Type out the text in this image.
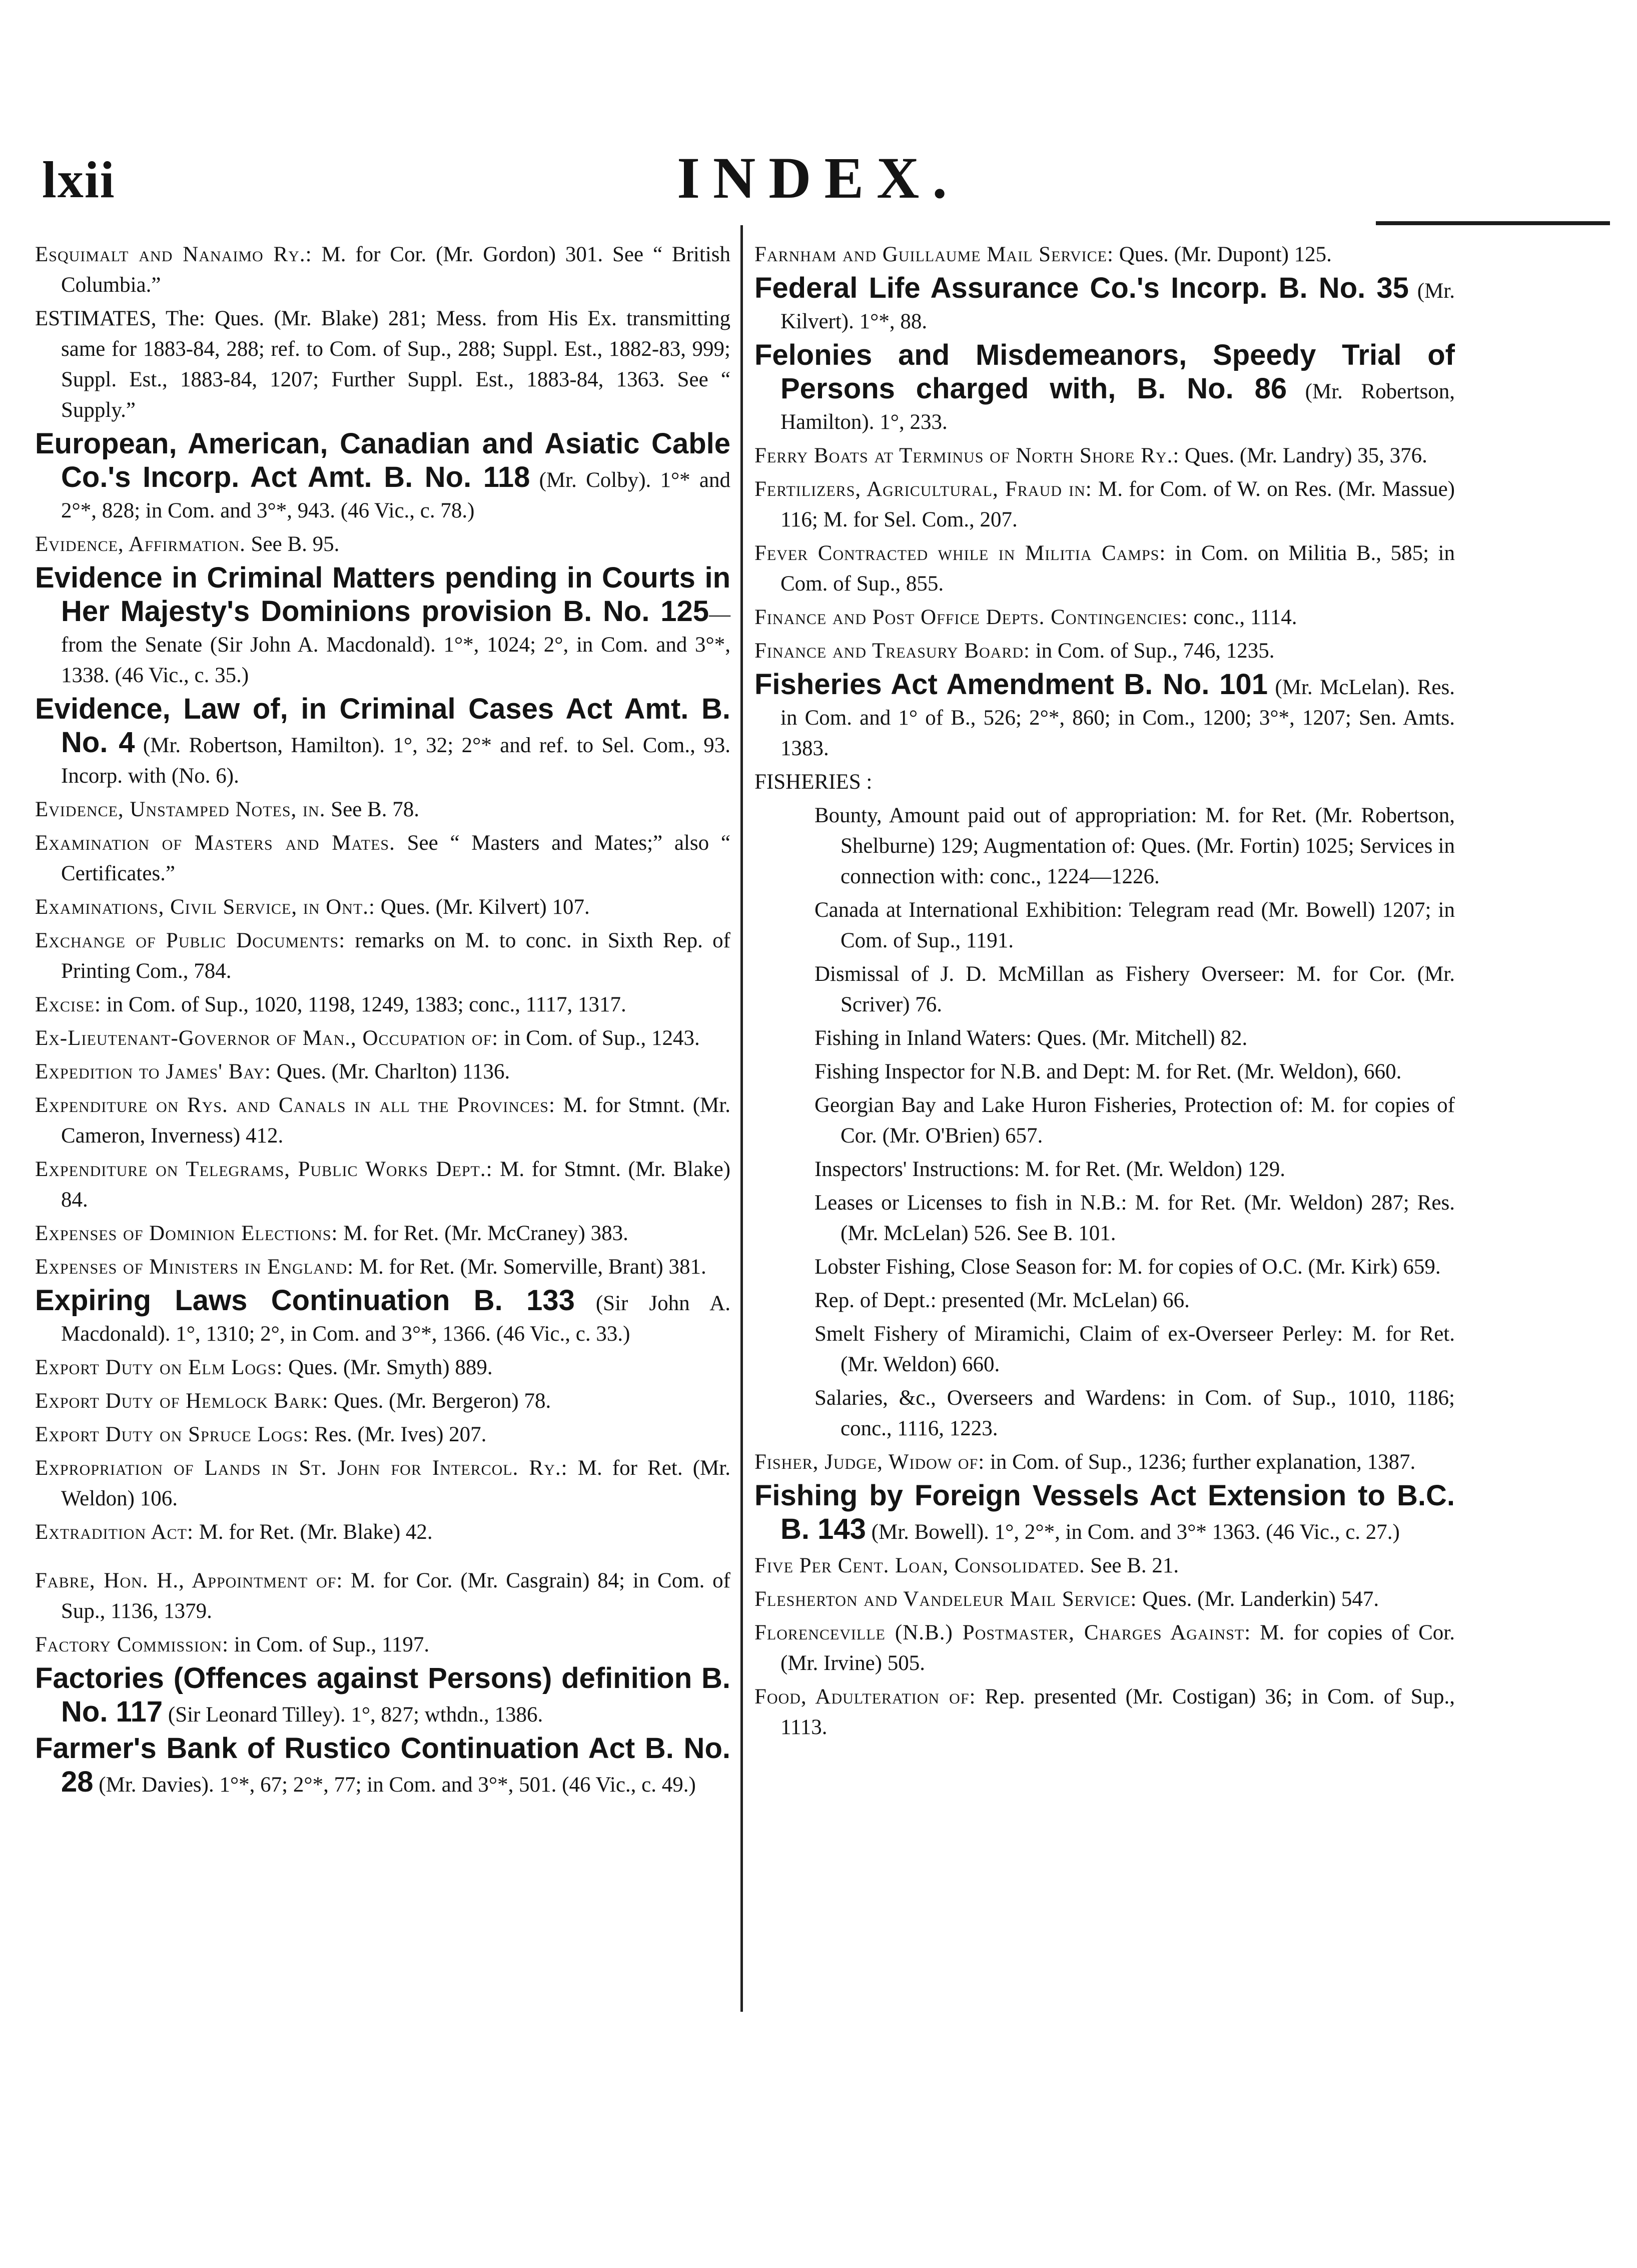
lxii	INDEX.
Esquimalt and Nanaimo Ry.: M. for Cor. (Mr. Gordon) 301. See “ British Columbia.”
ESTIMATES, The: Ques. (Mr. Blake) 281; Mess. from His Ex. transmitting same for 1883-84, 288; ref. to Com. of Sup., 288; Suppl. Est., 1882-83, 999; Suppl. Est., 1883-84, 1207; Further Suppl. Est., 1883-84, 1363. See “ Supply.”
European, American, Canadian and Asiatic Cable Co.'s Incorp. Act Amt. B. No. 118 (Mr. Colby). 1°* and 2°*, 828; in Com. and 3°*, 943. (46 Vic., c. 78.)
Evidence, Affirmation. See B. 95.
Evidence in Criminal Matters pending in Courts in Her Majesty's Dominions provision B. No. 125—from the Senate (Sir John A. Macdonald). 1°*, 1024; 2°, in Com. and 3°*, 1338. (46 Vic., c. 35.)
Evidence, Law of, in Criminal Cases Act Amt. B. No. 4 (Mr. Robertson, Hamilton). 1°, 32; 2°* and ref. to Sel. Com., 93. Incorp. with (No. 6).
Evidence, Unstamped Notes, in. See B. 78.
Examination of Masters and Mates. See “ Masters and Mates;” also “ Certificates.”
Examinations, Civil Service, in Ont.: Ques. (Mr. Kilvert) 107.
Exchange of Public Documents: remarks on M. to conc. in Sixth Rep. of Printing Com., 784.
Excise: in Com. of Sup., 1020, 1198, 1249, 1383; conc., 1117, 1317.
Ex-Lieutenant-Governor of Man., Occupation of: in Com. of Sup., 1243.
Expedition to James' Bay: Ques. (Mr. Charlton) 1136.
Expenditure on Rys. and Canals in all the Provinces: M. for Stmnt. (Mr. Cameron, Inverness) 412.
Expenditure on Telegrams, Public Works Dept.: M. for Stmnt. (Mr. Blake) 84.
Expenses of Dominion Elections: M. for Ret. (Mr. McCraney) 383.
Expenses of Ministers in England: M. for Ret. (Mr. Somerville, Brant) 381.
Expiring Laws Continuation B. 133 (Sir John A. Macdonald). 1°, 1310; 2°, in Com. and 3°*, 1366. (46 Vic., c. 33.)
Export Duty on Elm Logs: Ques. (Mr. Smyth) 889.
Export Duty of Hemlock Bark: Ques. (Mr. Bergeron) 78.
Export Duty on Spruce Logs: Res. (Mr. Ives) 207.
Expropriation of Lands in St. John for Intercol. Ry.: M. for Ret. (Mr. Weldon) 106.
Extradition Act: M. for Ret. (Mr. Blake) 42.
Fabre, Hon. H., Appointment of: M. for Cor. (Mr. Casgrain) 84; in Com. of Sup., 1136, 1379.
Factory Commission: in Com. of Sup., 1197.
Factories (Offences against Persons) definition B. No. 117 (Sir Leonard Tilley). 1°, 827; wthdn., 1386.
Farmer's Bank of Rustico Continuation Act B. No. 28 (Mr. Davies). 1°*, 67; 2°*, 77; in Com. and 3°*, 501. (46 Vic., c. 49.)
Farnham and Guillaume Mail Service: Ques. (Mr. Dupont) 125.
Federal Life Assurance Co.'s Incorp. B. No. 35 (Mr. Kilvert). 1°*, 88.
Felonies and Misdemeanors, Speedy Trial of Persons charged with, B. No. 86 (Mr. Robertson, Hamilton). 1°, 233.
Ferry Boats at Terminus of North Shore Ry.: Ques. (Mr. Landry) 35, 376.
Fertilizers, Agricultural, Fraud in: M. for Com. of W. on Res. (Mr. Massue) 116; M. for Sel. Com., 207.
Fever Contracted while in Militia Camps: in Com. on Militia B., 585; in Com. of Sup., 855.
Finance and Post Office Depts. Contingencies: conc., 1114.
Finance and Treasury Board: in Com. of Sup., 746, 1235.
Fisheries Act Amendment B. No. 101 (Mr. McLelan). Res. in Com. and 1° of B., 526; 2°*, 860; in Com., 1200; 3°*, 1207; Sen. Amts. 1383.
FISHERIES :
Bounty, Amount paid out of appropriation: M. for Ret. (Mr. Robertson, Shelburne) 129; Augmentation of: Ques. (Mr. Fortin) 1025; Services in connection with: conc., 1224—1226.
Canada at International Exhibition: Telegram read (Mr. Bowell) 1207; in Com. of Sup., 1191.
Dismissal of J. D. McMillan as Fishery Overseer: M. for Cor. (Mr. Scriver) 76.
Fishing in Inland Waters: Ques. (Mr. Mitchell) 82.
Fishing Inspector for N.B. and Dept: M. for Ret. (Mr. Weldon), 660.
Georgian Bay and Lake Huron Fisheries, Protection of: M. for copies of Cor. (Mr. O'Brien) 657.
Inspectors' Instructions: M. for Ret. (Mr. Weldon) 129.
Leases or Licenses to fish in N.B.: M. for Ret. (Mr. Weldon) 287; Res. (Mr. McLelan) 526. See B. 101.
Lobster Fishing, Close Season for: M. for copies of O.C. (Mr. Kirk) 659.
Rep. of Dept.: presented (Mr. McLelan) 66.
Smelt Fishery of Miramichi, Claim of ex-Overseer Perley: M. for Ret. (Mr. Weldon) 660.
Salaries, &c., Overseers and Wardens: in Com. of Sup., 1010, 1186; conc., 1116, 1223.
Fisher, Judge, Widow of: in Com. of Sup., 1236; further explanation, 1387.
Fishing by Foreign Vessels Act Extension to B.C. B. 143 (Mr. Bowell). 1°, 2°*, in Com. and 3°* 1363. (46 Vic., c. 27.)
Five Per Cent. Loan, Consolidated. See B. 21.
Flesherton and Vandeleur Mail Service: Ques. (Mr. Landerkin) 547.
Florenceville (N.B.) Postmaster, Charges Against: M. for copies of Cor. (Mr. Irvine) 505.
Food, Adulteration of: Rep. presented (Mr. Costigan) 36; in Com. of Sup., 1113.
